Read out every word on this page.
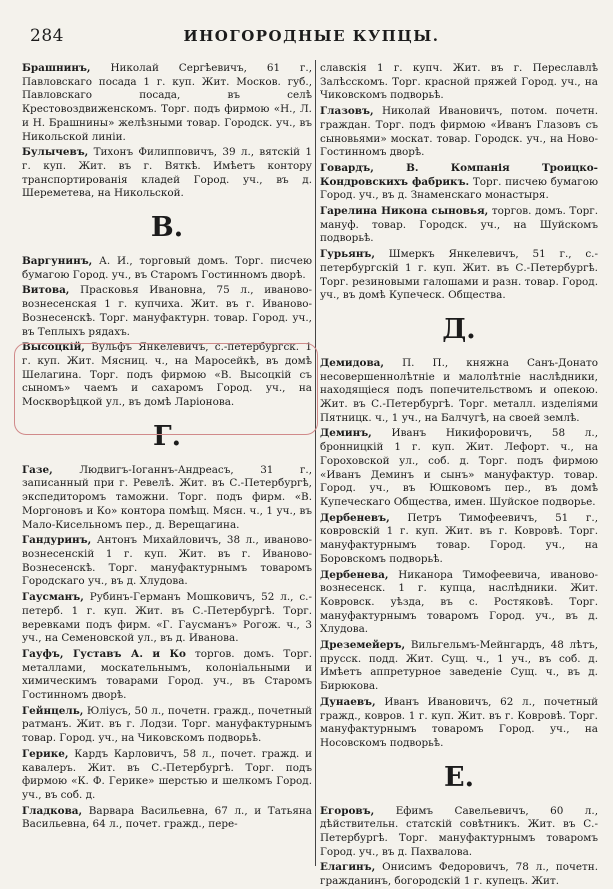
284	ИНОГОРОДНЫЕ КУПЦЫ.

Брашнинъ, Николай Сергѣевичъ, 61 г., Павловскаго посада 1 г. куп. Жит. Москов. губ., Павловскаго посада, въ селѣ Крестовоздвиженскомъ. Торг. подъ фирмою «Н., Л. и Н. Брашнины» желѣзными товар. Городск. уч., въ Никольской линіи.

Булычевъ, Тихонъ Филипповичъ, 39 л., вятскій 1 г. куп. Жит. въ г. Вяткѣ. Имѣетъ контору транспортированія кладей Город. уч., въ д. Шереметева, на Никольской.

В.

Варгунинъ, А. И., торговый домъ. Торг. писчею бумагою Город. уч., въ Старомъ Гостинномъ дворѣ.

Витова, Прасковья Ивановна, 75 л., иваново-вознесенская 1 г. купчиха. Жит. въ г. Иваново-Вознесенскѣ. Торг. мануфактурн. товар. Город. уч., въ Теплыхъ рядахъ.

Высоцкій, Вульфъ Янкелевичъ, с.-петербургск. 1 г. куп. Жит. Мясниц. ч., на Маросейкѣ, въ домѣ Шелагина. Торг. подъ фирмою «В. Высоцкій съ сыномъ» чаемъ и сахаромъ Город. уч., на Москворѣцкой ул., въ домѣ Ларіонова.

Г.

Газе, Людвигъ-Іоганнъ-Андреасъ, 31 г., записанный при г. Ревелѣ. Жит. въ С.-Петербургѣ, экспедиторомъ таможни. Торг. подъ фирм. «В. Моргоновъ и Ко» контора помѣщ. Мясн. ч., 1 уч., въ Мало-Кисельномъ пер., д. Верещагина.

Гандуринъ, Антонъ Михайловичъ, 38 л., иваново-вознесенскій 1 г. куп. Жит. въ г. Иваново-Вознесенскѣ. Торг. мануфактурнымъ товаромъ Городскаго уч., въ д. Хлудова.

Гаусманъ, Рубинъ-Германъ Мошковичъ, 52 л., с.-петерб. 1 г. куп. Жит. въ С.-Петербургѣ. Торг. веревками подъ фирм. «Г. Гаусманъ» Рогож. ч., 3 уч., на Семеновской ул., въ д. Иванова.

Гауфъ, Густавъ А. и Ко торгов. домъ. Торг. металлами, москательнымъ, колоніальными и химическимъ товарами Город. уч., въ Старомъ Гостинномъ дворѣ.

Гейнцель, Юліусъ, 50 л., почетн. гражд., почетный ратманъ. Жит. въ г. Лодзи. Торг. мануфактурнымъ товар. Город. уч., на Чиковскомъ подворьѣ.

Герике, Кардъ Карловичъ, 58 л., почет. гражд. и кавалеръ. Жит. въ С.-Петербургѣ. Торг. подъ фирмою «К. Ф. Герике» шерстью и шелкомъ Город. уч., въ соб. д.

Гладкова, Варвара Васильевна, 67 л., и Татьяна Васильевна, 64 л., почет. гражд., пере-

славскія 1 г. купч. Жит. въ г. Переславлѣ Залѣсскомъ. Торг. красной пряжей Город. уч., на Чиковскомъ подворьѣ.

Глазовъ, Николай Ивановичъ, потом. почетн. граждан. Торг. подъ фирмою «Иванъ Глазовъ съ сыновьями» москат. товар. Городск. уч., на Ново-Гостинномъ дворѣ.

Говардъ, В. Компанія Троицко-Кондровскихъ фабрикъ. Торг. писчею бумагою Город. уч., въ д. Знаменскаго монастыря.

Гарелина Никона сыновья, торгов. домъ. Торг. мануф. товар. Городск. уч., на Шуйскомъ подворьѣ.

Гурьянъ, Шмеркъ Янкелевичъ, 51 г., с.-петербургскій 1 г. куп. Жит. въ С.-Петербургѣ. Торг. резиновыми галошами и разн. товар. Город. уч., въ домѣ Купеческ. Общества.

Д.

Демидова, П. П., княжна Санъ-Донато несовершеннолѣтніе и малолѣтніе наслѣдники, находящіеся подъ попечительствомъ и опекою. Жит. въ С.-Петербургѣ. Торг. металл. изделіями Пятницк. ч., 1 уч., на Балчугѣ, на своей землѣ.

Деминъ, Иванъ Никифоровичъ, 58 л., бронницкій 1 г. куп. Жит. Лефорт. ч., на Гороховской ул., соб. д. Торг. подъ фирмою «Иванъ Деминъ и сынъ» мануфактур. товар. Город. уч., въ Юшковомъ пер., въ домѣ Купеческаго Общества, имен. Шуйское подворье.

Дербеневъ, Петръ Тимофеевичъ, 51 г., ковровскій 1 г. куп. Жит. въ г. Ковровѣ. Торг. мануфактурнымъ товар. Город. уч., на Боровскомъ подворьѣ.

Дербенева, Никанора Тимофеевича, иваново-вознесенск. 1 г. купца, наслѣдники. Жит. Ковровск. уѣзда, въ с. Ростяковѣ. Торг. мануфактурнымъ товаромъ Город. уч., въ д. Хлудова.

Дреземейеръ, Вильгельмъ-Мейнгардъ, 48 лѣтъ, прусск. подд. Жит. Сущ. ч., 1 уч., въ соб. д. Имѣетъ аппретурное заведеніе Сущ. ч., въ д. Бирюкова.

Дунаевъ, Иванъ Ивановичъ, 62 л., почетный гражд., ковров. 1 г. куп. Жит. въ г. Ковровѣ. Торг. мануфактурнымъ товаромъ Город. уч., на Носовскомъ подворьѣ.

Е.

Егоровъ, Ефимъ Савельевичъ, 60 л., дѣйствительн. статскій совѣтникъ. Жит. въ С.-Петербургѣ. Торг. мануфактурнымъ товаромъ Город. уч., въ д. Пахвалова.

Елагинъ, Онисимъ Федоровичъ, 78 л., почетн. гражданинъ, богородскій 1 г. купецъ. Жит.
